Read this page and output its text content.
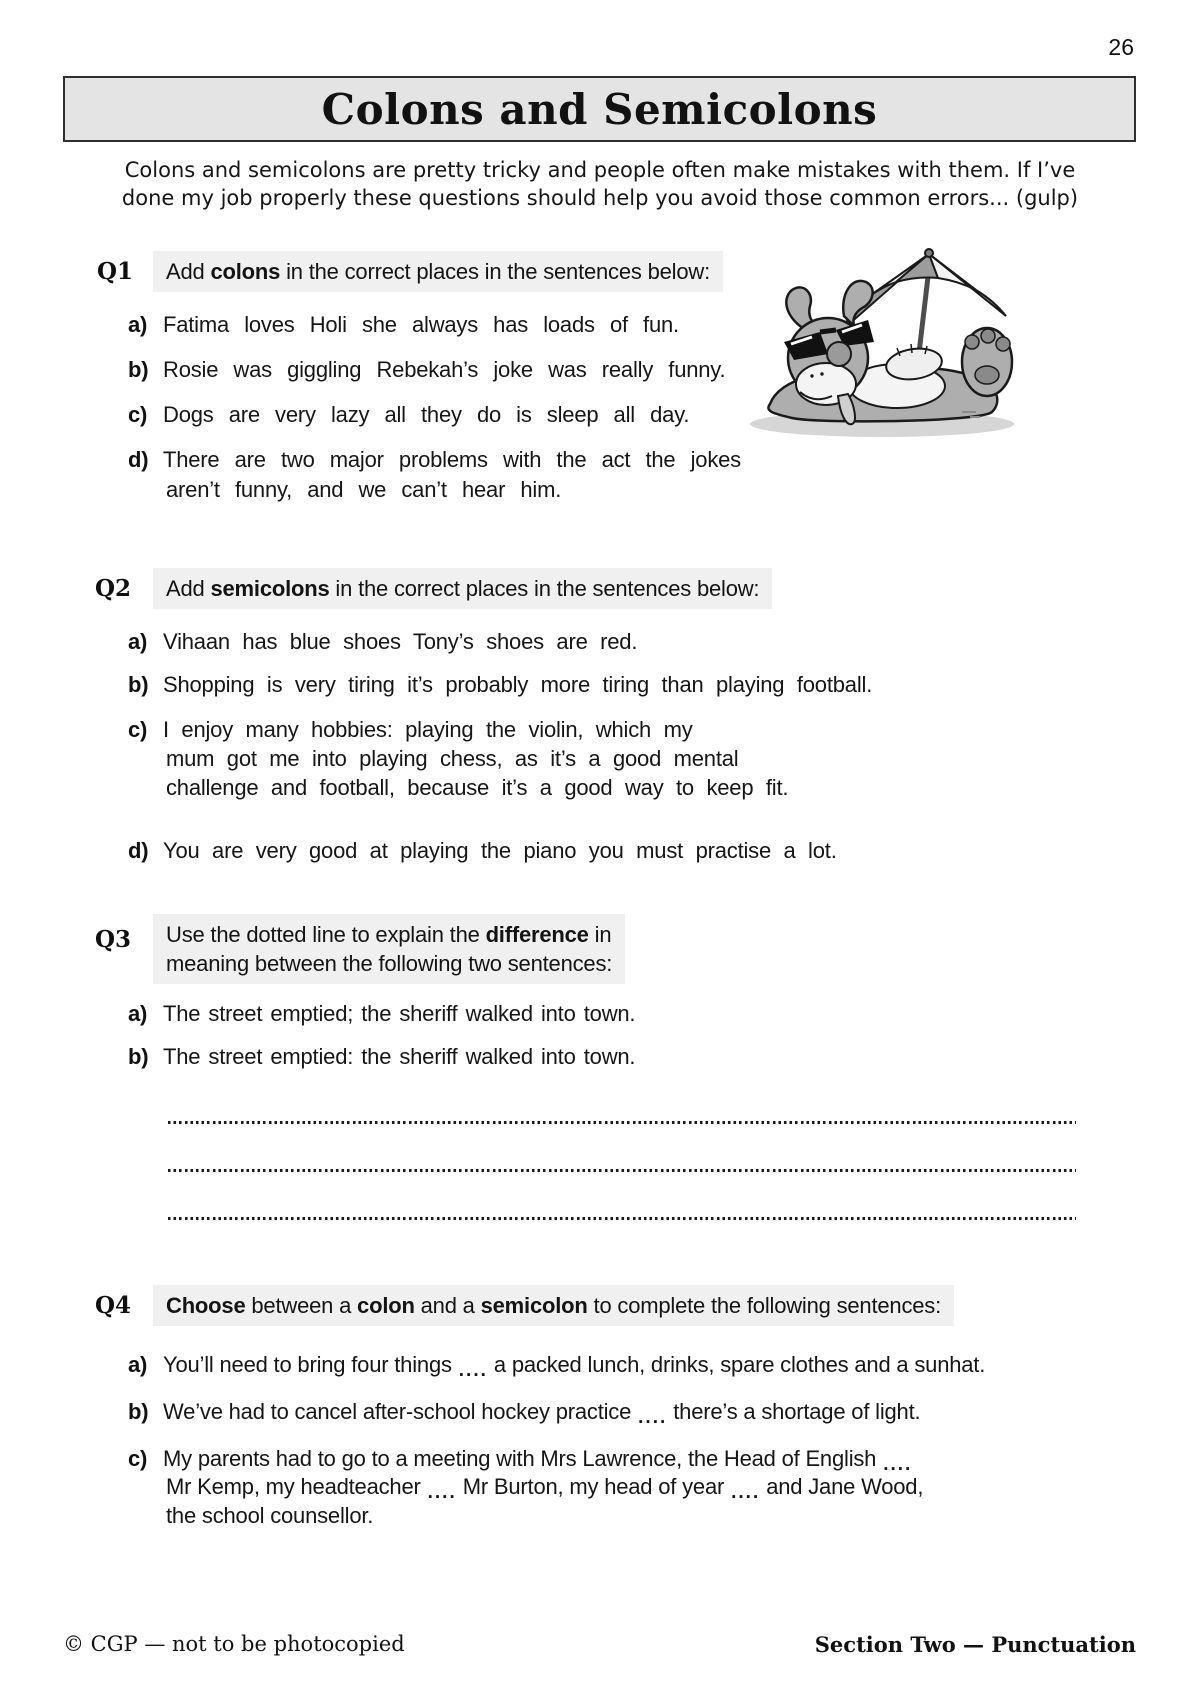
26
Colons and Semicolons
Colons and semicolons are pretty tricky and people often make mistakes with them. If I’ve
done my job properly these questions should help you avoid those common errors... (gulp)
Q1	Add colons in the correct places in the sentences below:
a) Fatima loves Holi she always has loads of fun.
b) Rosie was giggling Rebekah’s joke was really funny.
c) Dogs are very lazy all they do is sleep all day.
d) There are two major problems with the act the jokes
aren’t funny, and we can’t hear him.
Q2	Add semicolons in the correct places in the sentences below:
a) Vihaan has blue shoes Tony’s shoes are red.
b) Shopping is very tiring it’s probably more tiring than playing football.
c) I enjoy many hobbies: playing the violin, which my
mum got me into playing chess, as it’s a good mental
challenge and football, because it’s a good way to keep fit.
d) You are very good at playing the piano you must practise a lot.
Q3 Use the dotted line to explain the difference in
meaning between the following two sentences:
a) The street emptied; the sheriff walked into town.
b) The street emptied: the sheriff walked into town.
Q4	Choose between a colon and a semicolon to complete the following sentences:
a) You’ll need to bring four things .... a packed lunch, drinks, spare clothes and a sunhat.
b) We’ve had to cancel after-school hockey practice .... there’s a shortage of light.
c) My parents had to go to a meeting with Mrs Lawrence, the Head of English ....
Mr Kemp, my headteacher .... Mr Burton, my head of year .... and Jane Wood,
the school counsellor.
© CGP — not to be photocopied	Section Two — Punctuation
